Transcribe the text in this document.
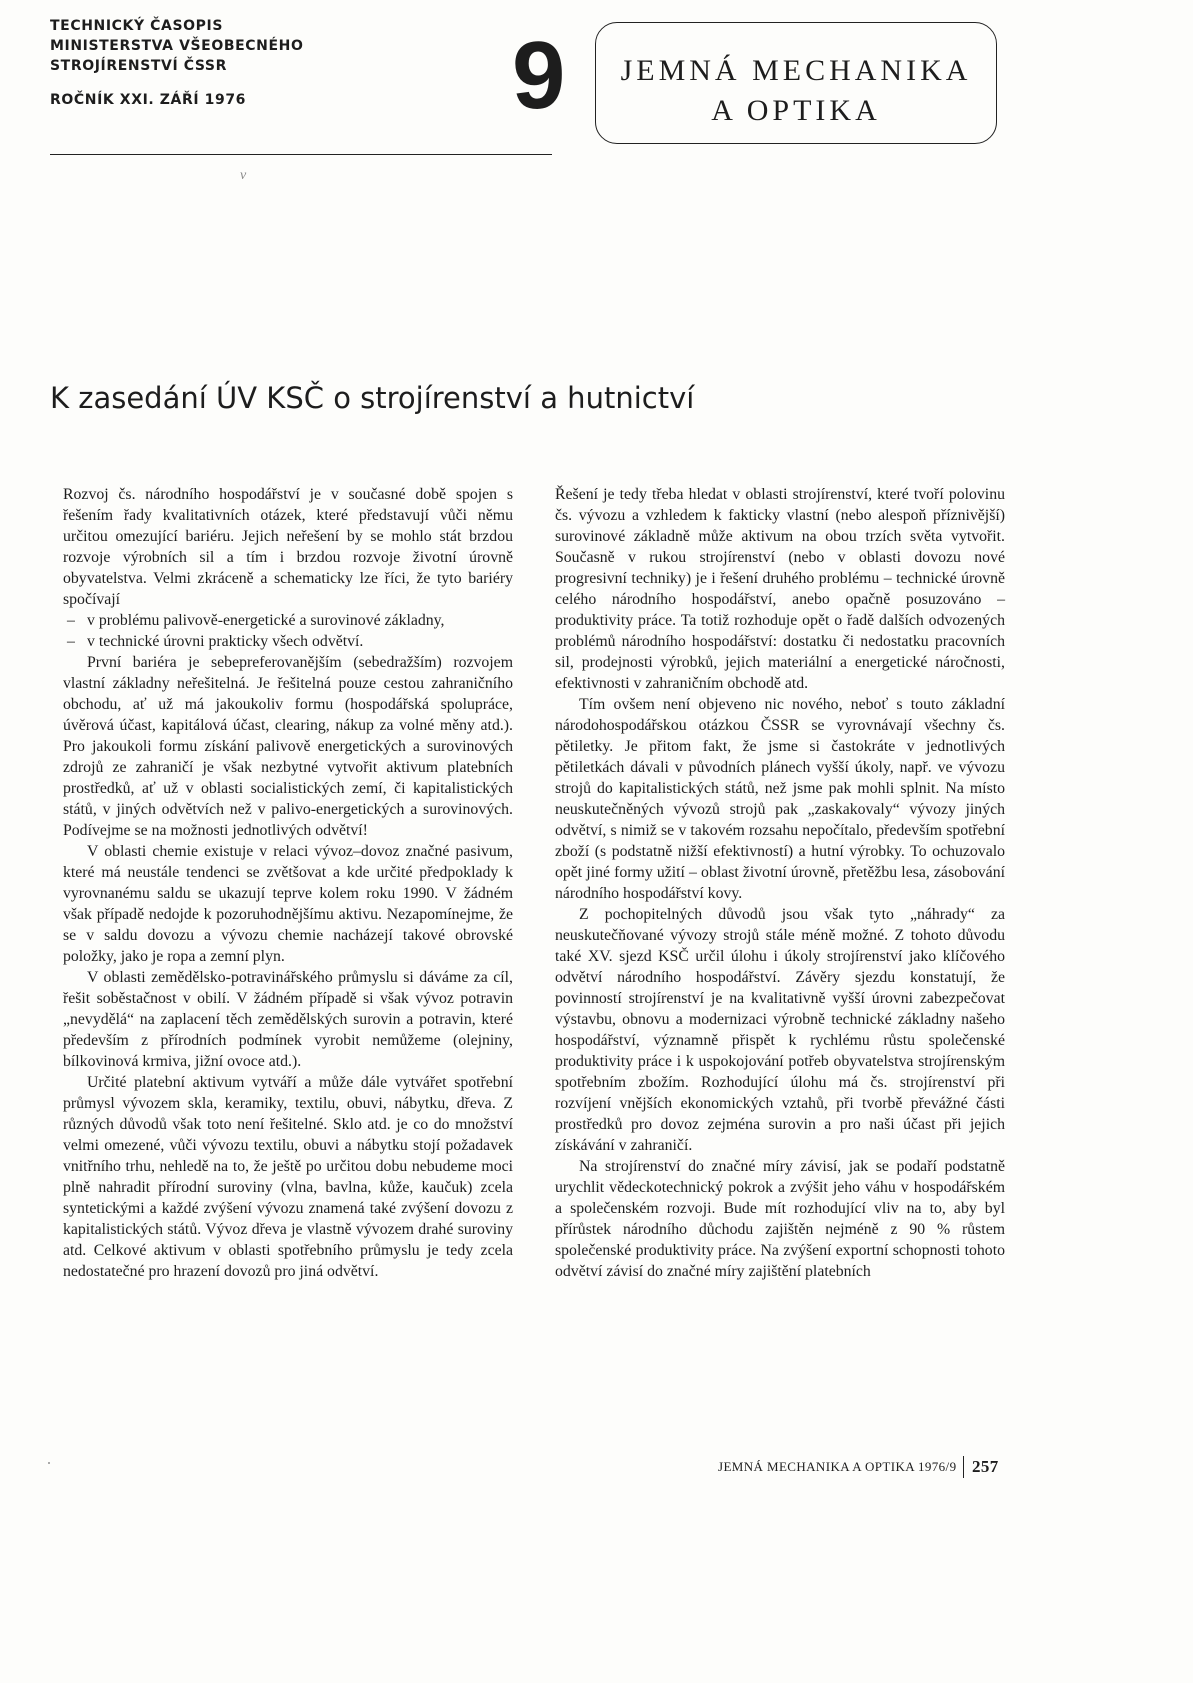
TECHNICKÝ ČASOPIS
MINISTERSTVA VŠEOBECNÉHO
STROJÍRENSTVÍ ČSSR
ROČNÍK XXI. ZÁŘÍ 1976	9	JEMNÁ MECHANIKA
A OPTIKA
v
K zasedání ÚV KSČ o strojírenství a hutnictví

Rozvoj čs. národního hospodářství je v současné době spojen s řešením řady kvalitativních otázek, které představují vůči němu určitou omezující bariéru. Jejich neřešení by se mohlo stát brzdou rozvoje výrobních sil a tím i brzdou rozvoje životní úrovně obyvatelstva. Velmi zkráceně a schematicky lze říci, že tyto bariéry spočívají

– v problému palivově-energetické a surovinové základny,

– v technické úrovni prakticky všech odvětví.

První bariéra je sebepreferovanějším (sebedražším) rozvojem vlastní základny neřešitelná. Je řešitelná pouze cestou zahraničního obchodu, ať už má jakoukoliv formu (hospodářská spolupráce, úvěrová účast, kapitálová účast, clearing, nákup za volné měny atd.). Pro jakoukoli formu získání palivově energetických a surovinových zdrojů ze zahraničí je však nezbytné vytvořit aktivum platebních prostředků, ať už v oblasti socialistických zemí, či kapitalistických států, v jiných odvětvích než v palivo-energetických a surovinových. Podívejme se na možnosti jednotlivých odvětví!

V oblasti chemie existuje v relaci vývoz–dovoz značné pasivum, které má neustále tendenci se zvětšovat a kde určité předpoklady k vyrovnanému saldu se ukazují teprve kolem roku 1990. V žádném však případě nedojde k pozoruhodnějšímu aktivu. Nezapomínejme, že se v saldu dovozu a vývozu chemie nacházejí takové obrovské položky, jako je ropa a zemní plyn.

V oblasti zemědělsko-potravinářského průmyslu si dáváme za cíl, řešit soběstačnost v obilí. V žádném případě si však vývoz potravin „nevydělá“ na zaplacení těch zemědělských surovin a potravin, které především z přírodních podmínek vyrobit nemůžeme (olejniny, bílkovinová krmiva, jižní ovoce atd.).

Určité platební aktivum vytváří a může dále vytvářet spotřební průmysl vývozem skla, keramiky, textilu, obuvi, nábytku, dřeva. Z různých důvodů však toto není řešitelné. Sklo atd. je co do množství velmi omezené, vůči vývozu textilu, obuvi a nábytku stojí požadavek vnitřního trhu, nehledě na to, že ještě po určitou dobu nebudeme moci plně nahradit přírodní suroviny (vlna, bavlna, kůže, kaučuk) zcela syntetickými a každé zvýšení vývozu znamená také zvýšení dovozu z kapitalistických států. Vývoz dřeva je vlastně vývozem drahé suroviny atd. Celkové aktivum v oblasti spotřebního průmyslu je tedy zcela nedostatečné pro hrazení dovozů pro jiná odvětví.

Řešení je tedy třeba hledat v oblasti strojírenství, které tvoří polovinu čs. vývozu a vzhledem k fakticky vlastní (nebo alespoň příznivější) surovinové základně může aktivum na obou trzích světa vytvořit. Současně v rukou strojírenství (nebo v oblasti dovozu nové progresivní techniky) je i řešení druhého problému – technické úrovně celého národního hospodářství, anebo opačně posuzováno – produktivity práce. Ta totiž rozhoduje opět o řadě dalších odvozených problémů národního hospodářství: dostatku či nedostatku pracovních sil, prodejnosti výrobků, jejich materiální a energetické náročnosti, efektivnosti v zahraničním obchodě atd.

Tím ovšem není objeveno nic nového, neboť s touto základní národohospodářskou otázkou ČSSR se vyrovnávají všechny čs. pětiletky. Je přitom fakt, že jsme si častokráte v jednotlivých pětiletkách dávali v původních plánech vyšší úkoly, např. ve vývozu strojů do kapitalistických států, než jsme pak mohli splnit. Na místo neuskutečněných vývozů strojů pak „zaskakovaly“ vývozy jiných odvětví, s nimiž se v takovém rozsahu nepočítalo, především spotřební zboží (s podstatně nižší efektivností) a hutní výrobky. To ochuzovalo opět jiné formy užití – oblast životní úrovně, přetěžbu lesa, zásobování národního hospodářství kovy.

Z pochopitelných důvodů jsou však tyto „náhrady“ za neuskutečňované vývozy strojů stále méně možné. Z tohoto důvodu také XV. sjezd KSČ určil úlohu i úkoly strojírenství jako klíčového odvětví národního hospodářství. Závěry sjezdu konstatují, že povinností strojírenství je na kvalitativně vyšší úrovni zabezpečovat výstavbu, obnovu a modernizaci výrobně technické základny našeho hospodářství, významně přispět k rychlému růstu společenské produktivity práce i k uspokojování potřeb obyvatelstva strojírenským spotřebním zbožím. Rozhodující úlohu má čs. strojírenství při rozvíjení vnějších ekonomických vztahů, při tvorbě převážné části prostředků pro dovoz zejména surovin a pro naši účast při jejich získávání v zahraničí.

Na strojírenství do značné míry závisí, jak se podaří podstatně urychlit vědeckotechnický pokrok a zvýšit jeho váhu v hospodářském a společenském rozvoji. Bude mít rozhodující vliv na to, aby byl přírůstek národního důchodu zajištěn nejméně z 90 % růstem společenské produktivity práce. Na zvýšení exportní schopnosti tohoto odvětví závisí do značné míry zajištění platebních

JEMNÁ MECHANIKA A OPTIKA 1976/9 257
